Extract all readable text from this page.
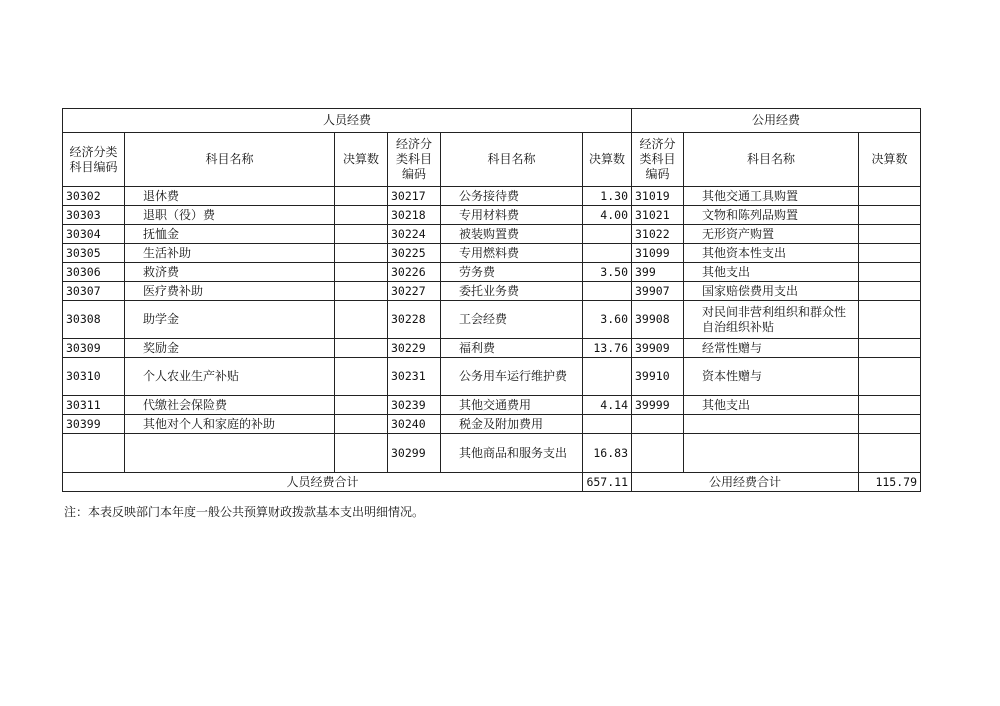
人员经费						公用经费		
经济分类科目编码	科目名称	决算数	经济分类科目编码	科目名称	决算数	经济分类科目编码	科目名称	决算数
30302	退休费		30217	公务接待费	1.30	31019	其他交通工具购置	
30303	退职（役）费		30218	专用材料费	4.00	31021	文物和陈列品购置	
30304	抚恤金		30224	被装购置费		31022	无形资产购置	
30305	生活补助		30225	专用燃料费		31099	其他资本性支出	
30306	救济费		30226	劳务费	3.50	399	其他支出	
30307	医疗费补助		30227	委托业务费		39907	国家赔偿费用支出	
30308	助学金		30228	工会经费	3.60	39908	对民间非营利组织和群众性自治组织补贴	
30309	奖励金		30229	福利费	13.76	39909	经常性赠与	
30310	个人农业生产补贴		30231	公务用车运行维护费		39910	资本性赠与	
30311	代缴社会保险费		30239	其他交通费用	4.14	39999	其他支出	
30399	其他对个人和家庭的补助		30240	税金及附加费用				
			30299	其他商品和服务支出	16.83			
人员经费合计					657.11	公用经费合计		115.79
注：本表反映部门本年度一般公共预算财政拨款基本支出明细情况。
